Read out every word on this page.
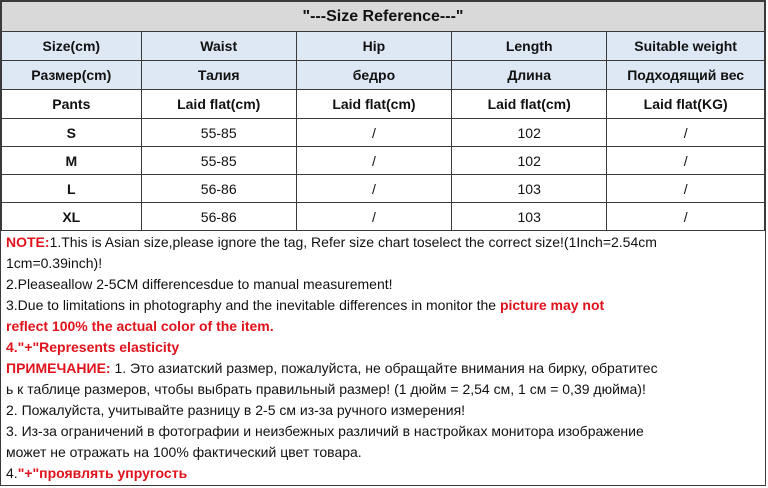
"---Size Reference---"				
Size(cm)	Waist	Hip	Length	Suitable weight
Размер(cm)	Талия	бедро	Длина	Подходящий вес
Pants	Laid flat(cm)	Laid flat(cm)	Laid flat(cm)	Laid flat(KG)
S	55-85	/	102	/
M	55-85	/	102	/
L	56-86	/	103	/
XL	56-86	/	103	/
NOTE:1.This is Asian size,please ignore the tag, Refer size chart toselect the correct size!(1Inch=2.54cm
1cm=0.39inch)!
2.Pleaseallow 2-5CM differencesdue to manual measurement!
3.Due to limitations in photography and the inevitable differences in monitor the picture may not
reflect 100% the actual color of the item.
4."+"Represents elasticity
ПРИМЕЧАНИЕ: 1. Это азиатский размер, пожалуйста, не обращайте внимания на бирку, обратитес
ь к таблице размеров, чтобы выбрать правильный размер! (1 дюйм = 2,54 см, 1 см = 0,39 дюйма)!
2. Пожалуйста, учитывайте разницу в 2-5 см из-за ручного измерения!
3. Из-за ограничений в фотографии и неизбежных различий в настройках монитора изображение
может не отражать на 100% фактический цвет товара.
4."+"проявлять упругость
